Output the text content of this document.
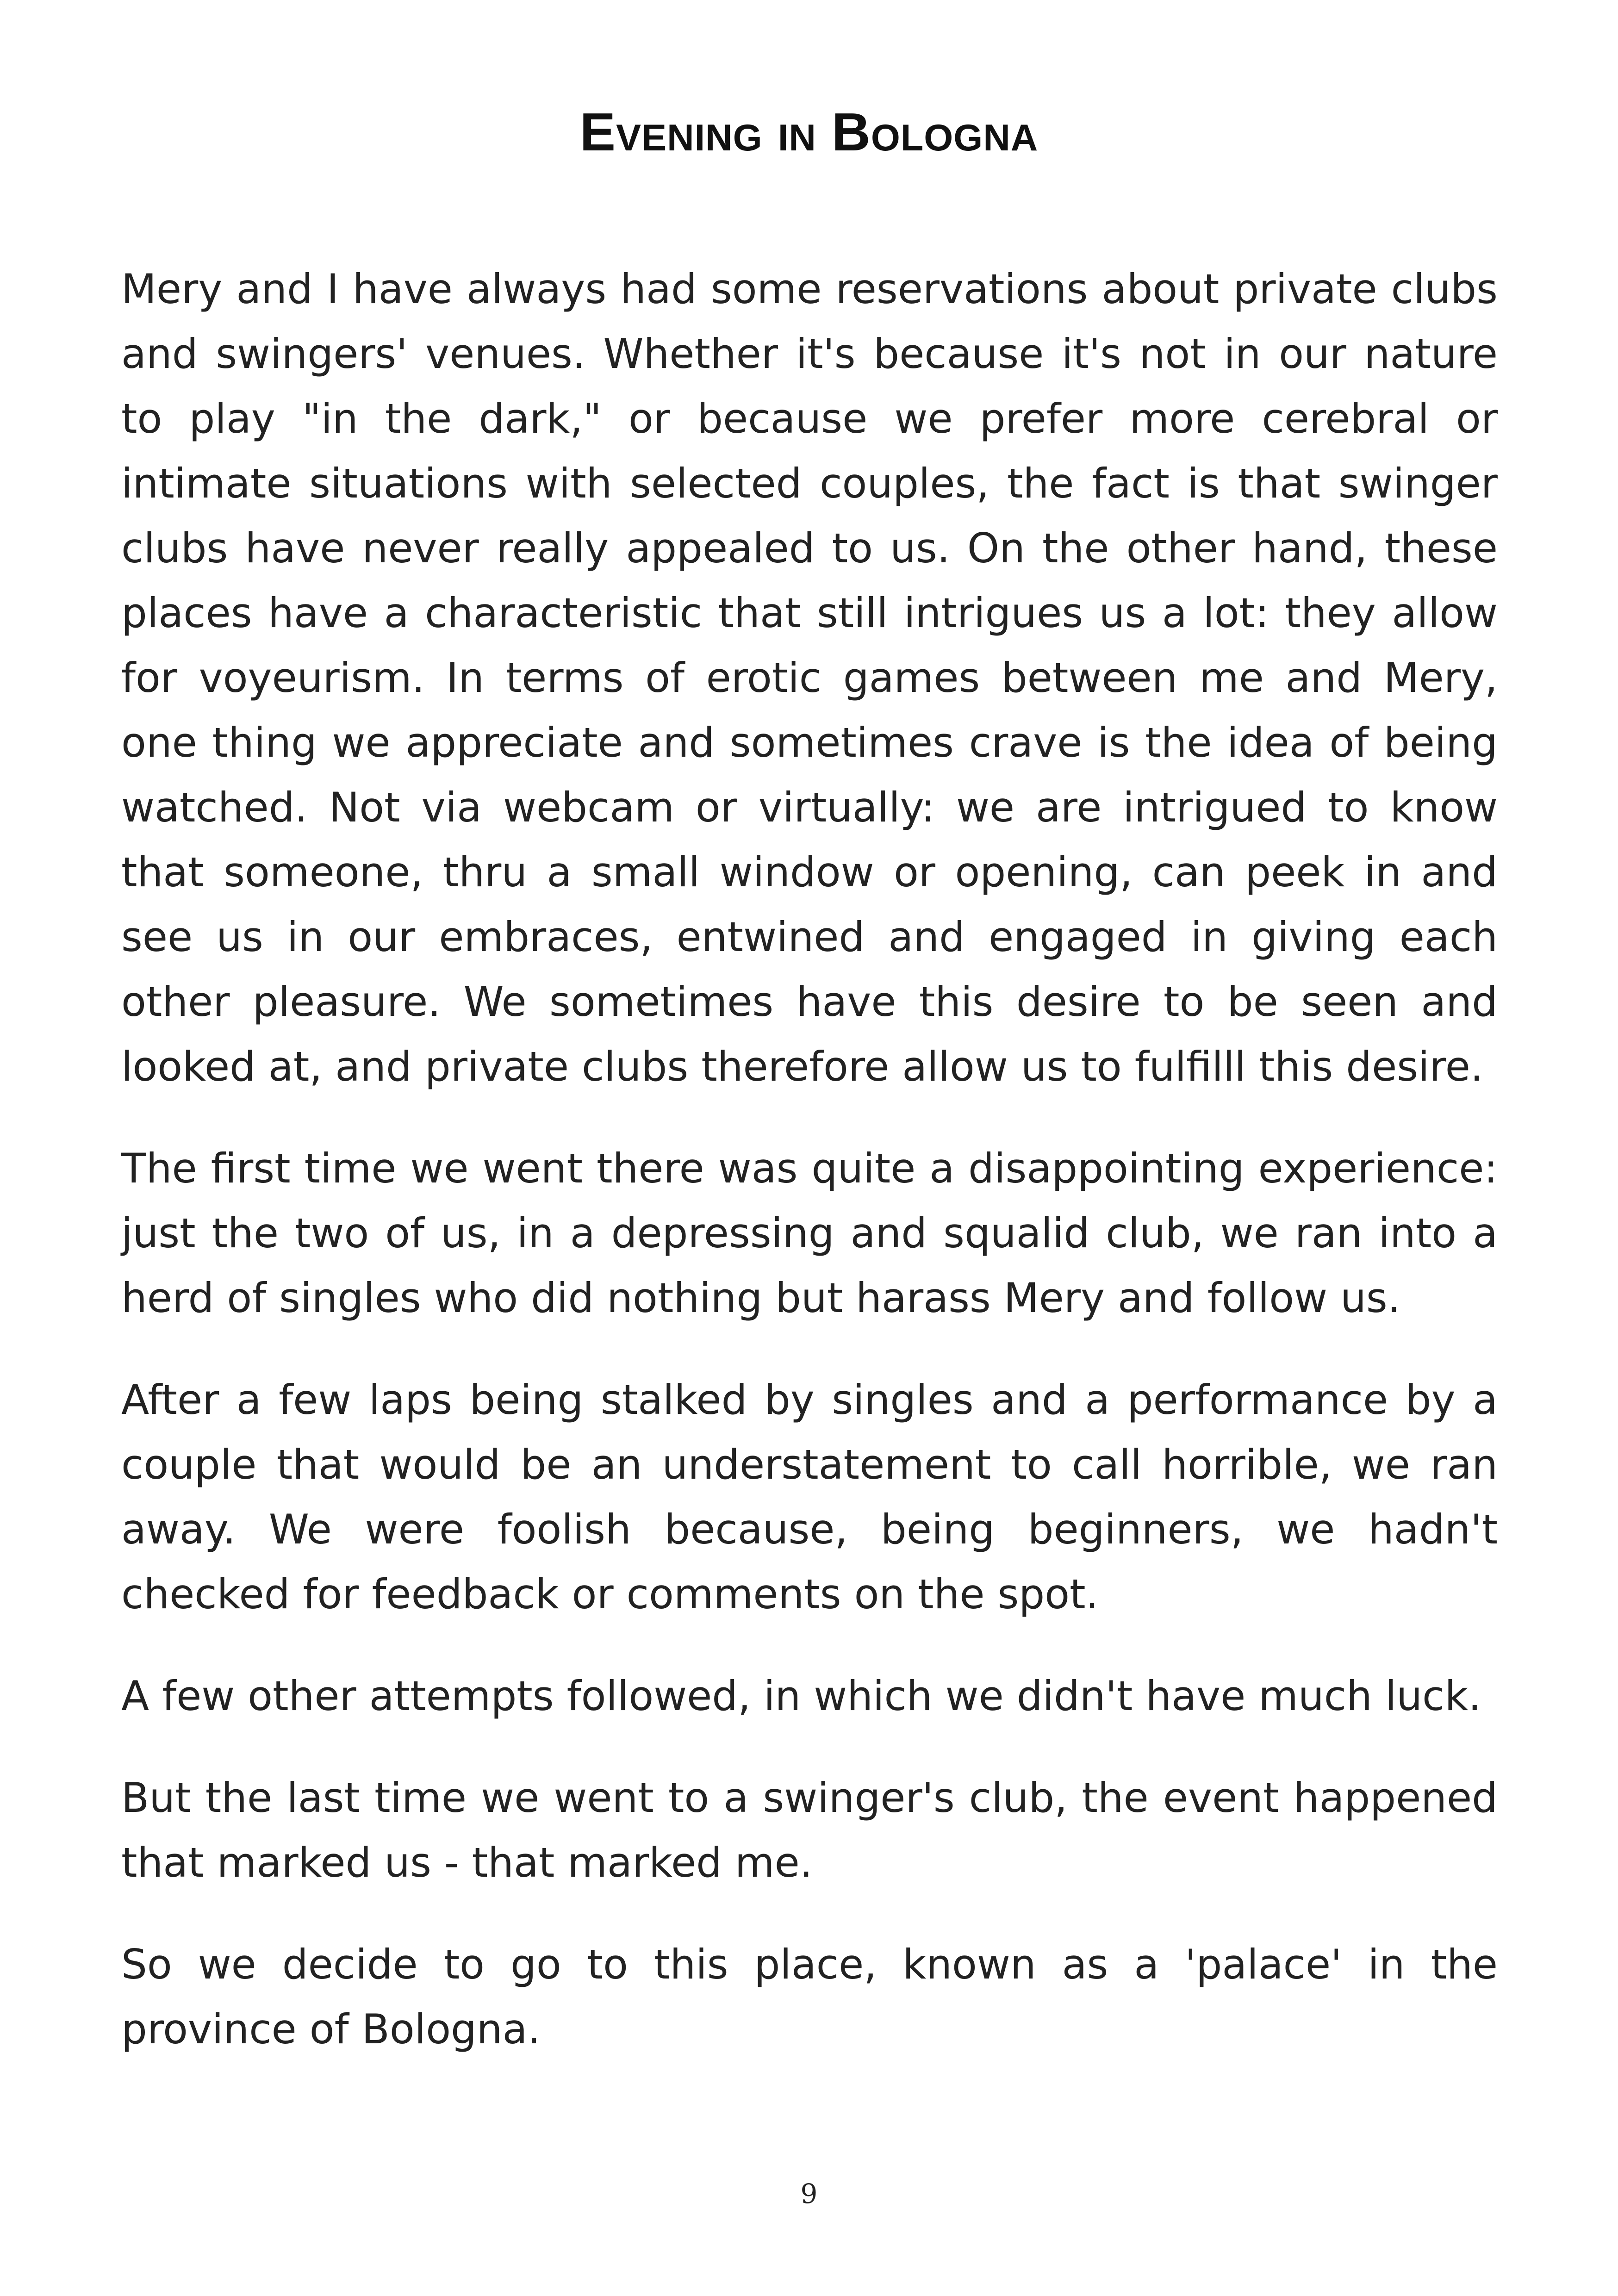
Evening in Bologna

Mery and I have always had some reservations about private clubs and swingers' venues. Whether it's because it's not in our nature to play "in the dark," or because we prefer more cerebral or intimate situations with selected couples, the fact is that swinger clubs have never really appealed to us. On the other hand, these places have a characteristic that still intrigues us a lot: they allow for voyeurism. In terms of erotic games between me and Mery, one thing we appreciate and sometimes crave is the idea of being watched. Not via webcam or virtually: we are intrigued to know that someone, thru a small window or opening, can peek in and see us in our embraces, entwined and engaged in giving each other pleasure. We sometimes have this desire to be seen and looked at, and private clubs therefore allow us to fulfilll this desire.

The first time we went there was quite a disappointing experience: just the two of us, in a depressing and squalid club, we ran into a herd of singles who did nothing but harass Mery and follow us.

After a few laps being stalked by singles and a performance by a couple that would be an understatement to call horrible, we ran away. We were foolish because, being beginners, we hadn't checked for feedback or comments on the spot.

A few other attempts followed, in which we didn't have much luck.

But the last time we went to a swinger's club, the event happened that marked us - that marked me.

So we decide to go to this place, known as a 'palace' in the province of Bologna.

9
